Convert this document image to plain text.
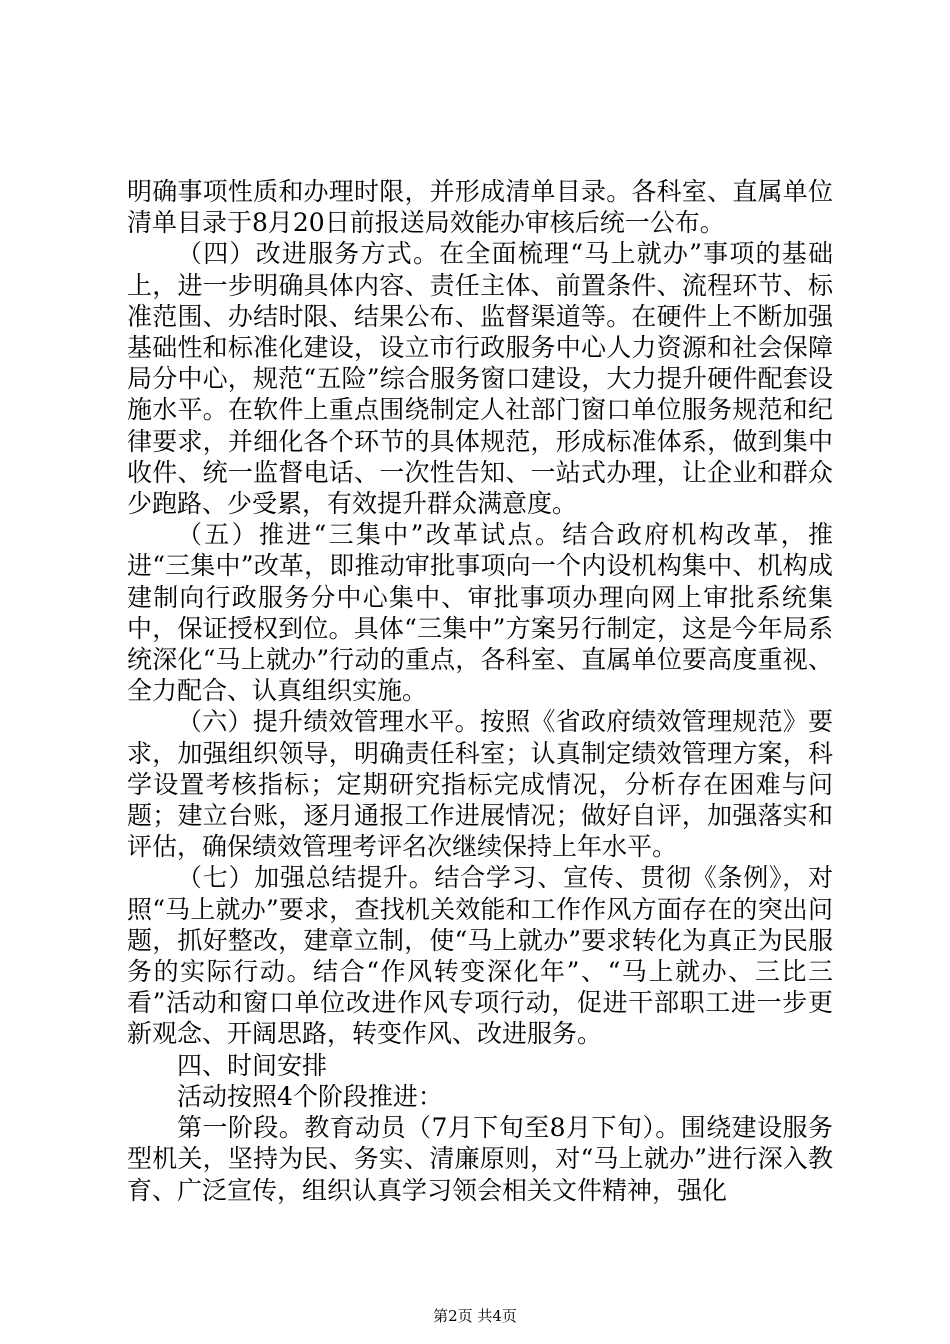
明确事项性质和办理时限，并形成清单目录。各科室、直属单位清单目录于8月20日前报送局效能办审核后统一公布。

（四）改进服务方式。在全面梳理“马上就办”事项的基础上，进一步明确具体内容、责任主体、前置条件、流程环节、标准范围、办结时限、结果公布、监督渠道等。在硬件上不断加强基础性和标准化建设，设立市行政服务中心人力资源和社会保障局分中心，规范“五险”综合服务窗口建设，大力提升硬件配套设施水平。在软件上重点围绕制定人社部门窗口单位服务规范和纪律要求，并细化各个环节的具体规范，形成标准体系，做到集中收件、统一监督电话、一次性告知、一站式办理，让企业和群众少跑路、少受累，有效提升群众满意度。

（五）推进“三集中”改革试点。结合政府机构改革，推进“三集中”改革，即推动审批事项向一个内设机构集中、机构成建制向行政服务分中心集中、审批事项办理向网上审批系统集中，保证授权到位。具体“三集中”方案另行制定，这是今年局系统深化“马上就办”行动的重点，各科室、直属单位要高度重视、全力配合、认真组织实施。

（六）提升绩效管理水平。按照《省政府绩效管理规范》要求，加强组织领导，明确责任科室；认真制定绩效管理方案，科学设置考核指标；定期研究指标完成情况，分析存在困难与问题；建立台账，逐月通报工作进展情况；做好自评，加强落实和评估，确保绩效管理考评名次继续保持上年水平。

（七）加强总结提升。结合学习、宣传、贯彻《条例》，对照“马上就办”要求，查找机关效能和工作作风方面存在的突出问题，抓好整改，建章立制，使“马上就办”要求转化为真正为民服务的实际行动。结合“作风转变深化年”、“马上就办、三比三看”活动和窗口单位改进作风专项行动，促进干部职工进一步更新观念、开阔思路，转变作风、改进服务。

四、时间安排

活动按照4个阶段推进：

第一阶段。教育动员（7月下旬至8月下旬）。围绕建设服务型机关，坚持为民、务实、清廉原则，对“马上就办”进行深入教育、广泛宣传，组织认真学习领会相关文件精神，强化

第2页 共4页
